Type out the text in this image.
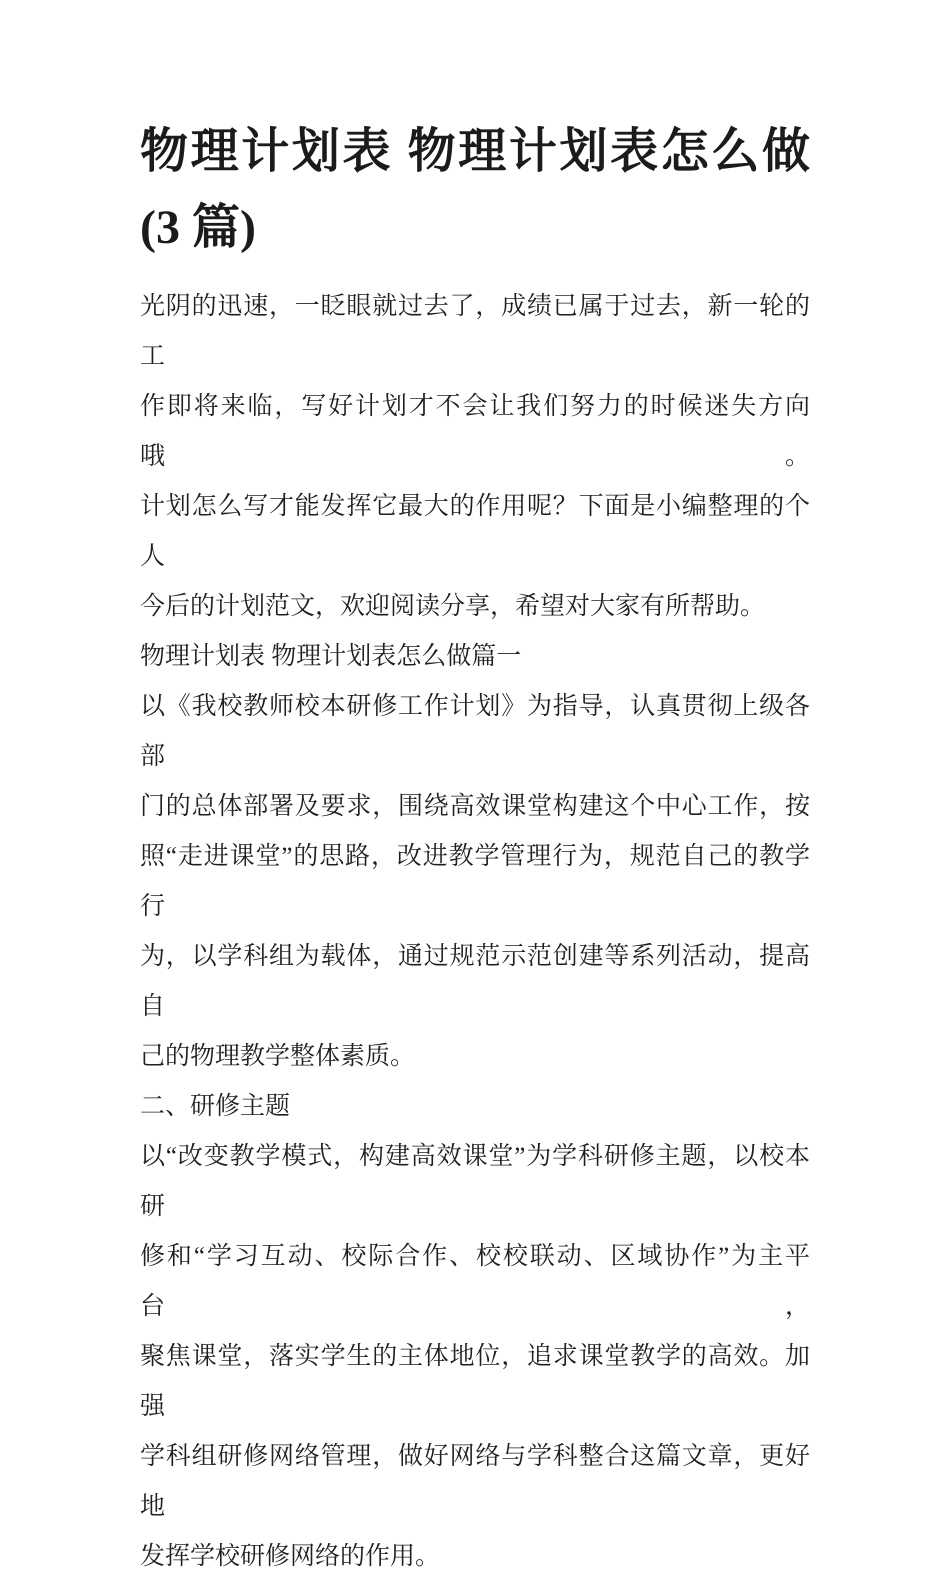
物理计划表 物理计划表怎么做
(3 篇)
光阴的迅速，一眨眼就过去了，成绩已属于过去，新一轮的工
作即将来临，写好计划才不会让我们努力的时候迷失方向哦。
计划怎么写才能发挥它最大的作用呢？下面是小编整理的个人
今后的计划范文，欢迎阅读分享，希望对大家有所帮助。
物理计划表 物理计划表怎么做篇一
以《我校教师校本研修工作计划》为指导，认真贯彻上级各部
门的总体部署及要求，围绕高效课堂构建这个中心工作，按
照“走进课堂”的思路，改进教学管理行为，规范自己的教学行
为，以学科组为载体，通过规范示范创建等系列活动，提高自
己的物理教学整体素质。
二、研修主题
以“改变教学模式，构建高效课堂”为学科研修主题，以校本研
修和“学习互动、校际合作、校校联动、区域协作”为主平台，
聚焦课堂，落实学生的主体地位，追求课堂教学的高效。加强
学科组研修网络管理，做好网络与学科整合这篇文章，更好地
发挥学校研修网络的作用。
